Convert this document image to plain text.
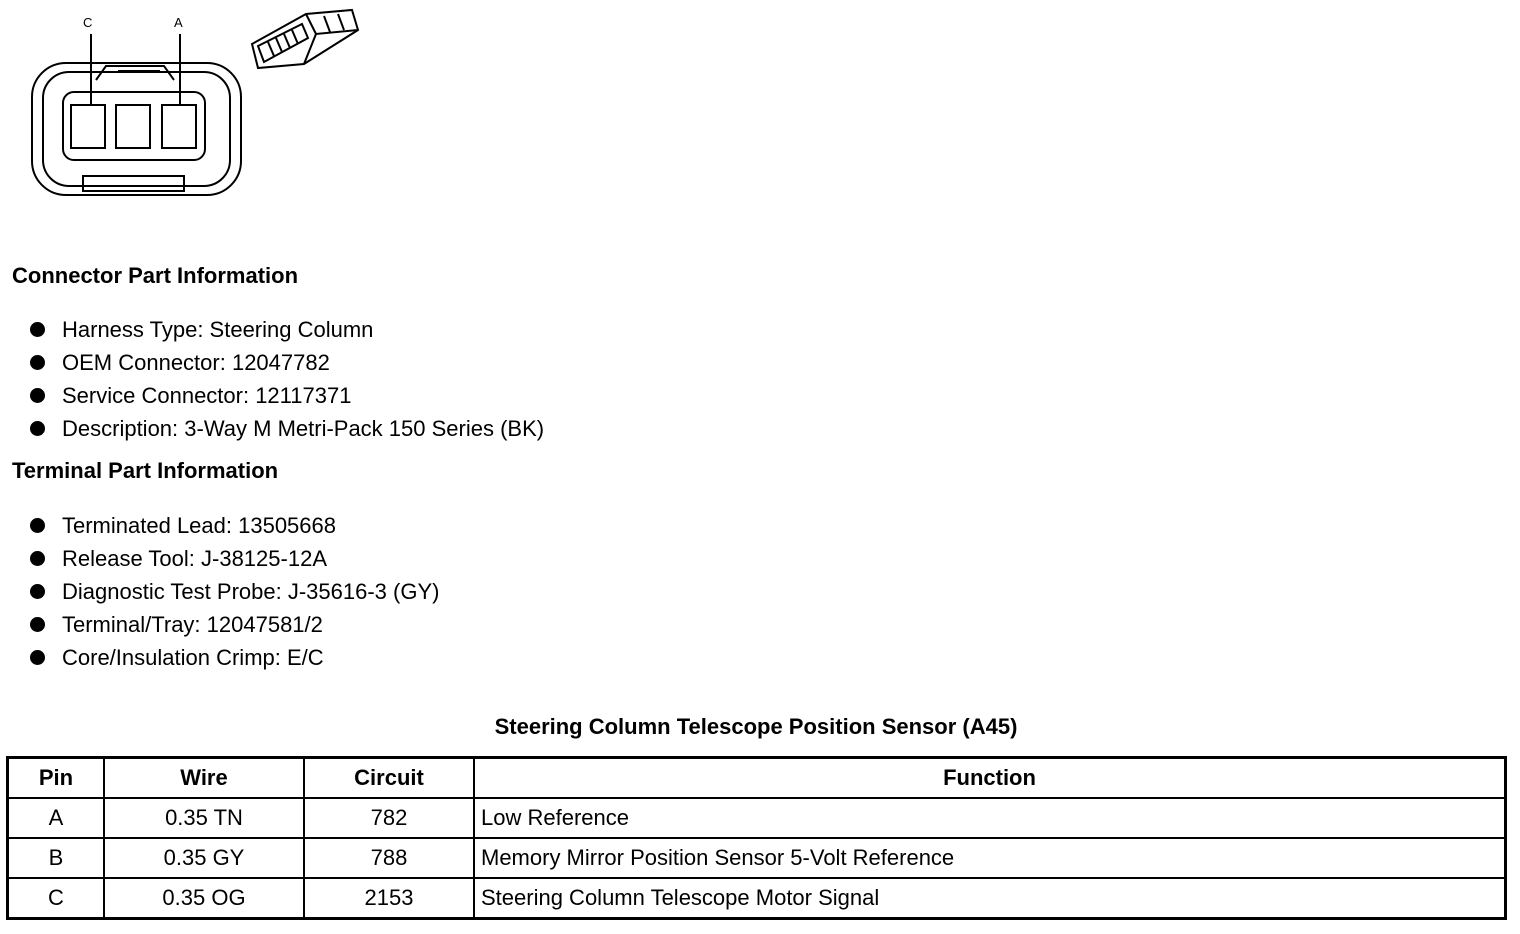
C	A
Connector Part Information
Harness Type: Steering Column
OEM Connector: 12047782
Service Connector: 12117371
Description: 3-Way M Metri-Pack 150 Series (BK)
Terminal Part Information
Terminated Lead: 13505668
Release Tool: J-38125-12A
Diagnostic Test Probe: J-35616-3 (GY)
Terminal/Tray: 12047581/2
Core/Insulation Crimp: E/C
Steering Column Telescope Position Sensor (A45)
Pin	Wire	Circuit	Function
A	0.35 TN	782	Low Reference
B	0.35 GY	788	Memory Mirror Position Sensor 5-Volt Reference
C	0.35 OG	2153	Steering Column Telescope Motor Signal
